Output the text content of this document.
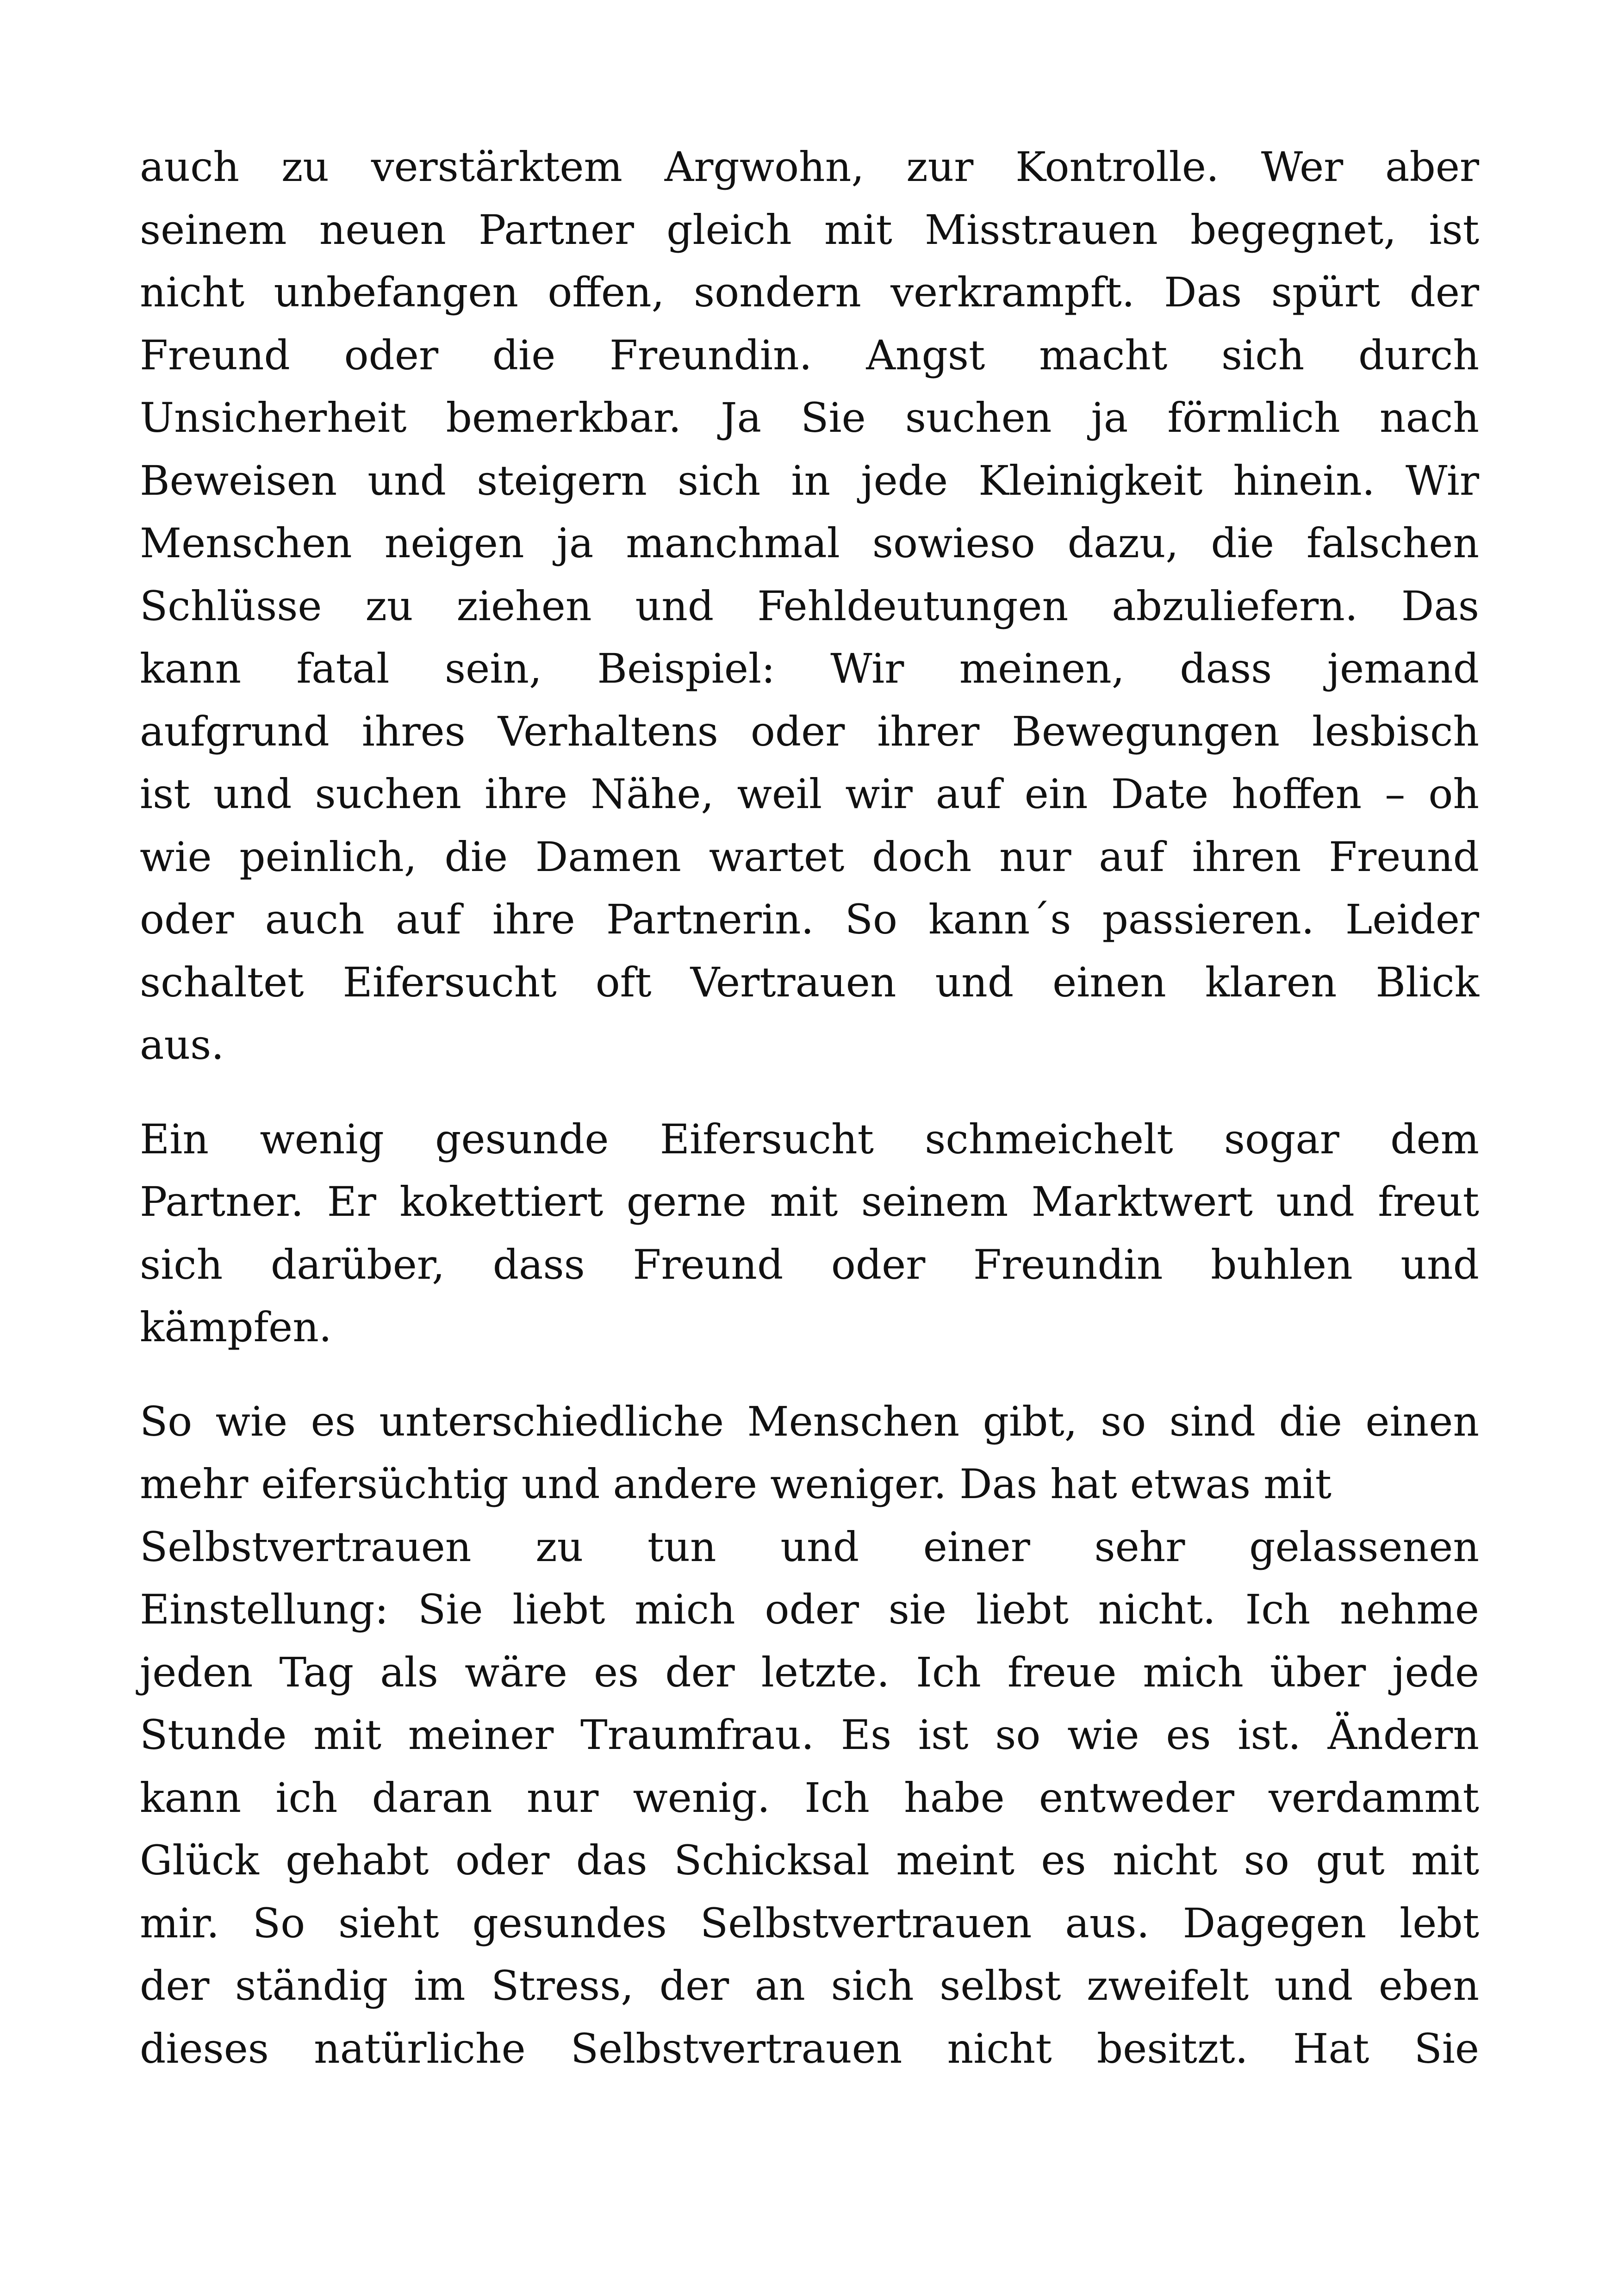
auch zu verstärktem Argwohn, zur Kontrolle. Wer aber
seinem neuen Partner gleich mit Misstrauen begegnet, ist
nicht unbefangen offen, sondern verkrampft. Das spürt der
Freund oder die Freundin. Angst macht sich durch
Unsicherheit bemerkbar. Ja Sie suchen ja förmlich nach
Beweisen und steigern sich in jede Kleinigkeit hinein. Wir
Menschen neigen ja manchmal sowieso dazu, die falschen
Schlüsse zu ziehen und Fehldeutungen abzuliefern. Das
kann fatal sein, Beispiel: Wir meinen, dass jemand
aufgrund ihres Verhaltens oder ihrer Bewegungen lesbisch
ist und suchen ihre Nähe, weil wir auf ein Date hoffen – oh
wie peinlich, die Damen wartet doch nur auf ihren Freund
oder auch auf ihre Partnerin. So kann´s passieren. Leider
schaltet Eifersucht oft Vertrauen und einen klaren Blick
aus.
Ein wenig gesunde Eifersucht schmeichelt sogar dem
Partner. Er kokettiert gerne mit seinem Marktwert und freut
sich darüber, dass Freund oder Freundin buhlen und
kämpfen.
So wie es unterschiedliche Menschen gibt, so sind die einen
mehr eifersüchtig und andere weniger. Das hat etwas mit
Selbstvertrauen zu tun und einer sehr gelassenen
Einstellung: Sie liebt mich oder sie liebt nicht. Ich nehme
jeden Tag als wäre es der letzte. Ich freue mich über jede
Stunde mit meiner Traumfrau. Es ist so wie es ist. Ändern
kann ich daran nur wenig. Ich habe entweder verdammt
Glück gehabt oder das Schicksal meint es nicht so gut mit
mir. So sieht gesundes Selbstvertrauen aus. Dagegen lebt
der ständig im Stress, der an sich selbst zweifelt und eben
dieses natürliche Selbstvertrauen nicht besitzt. Hat Sie
